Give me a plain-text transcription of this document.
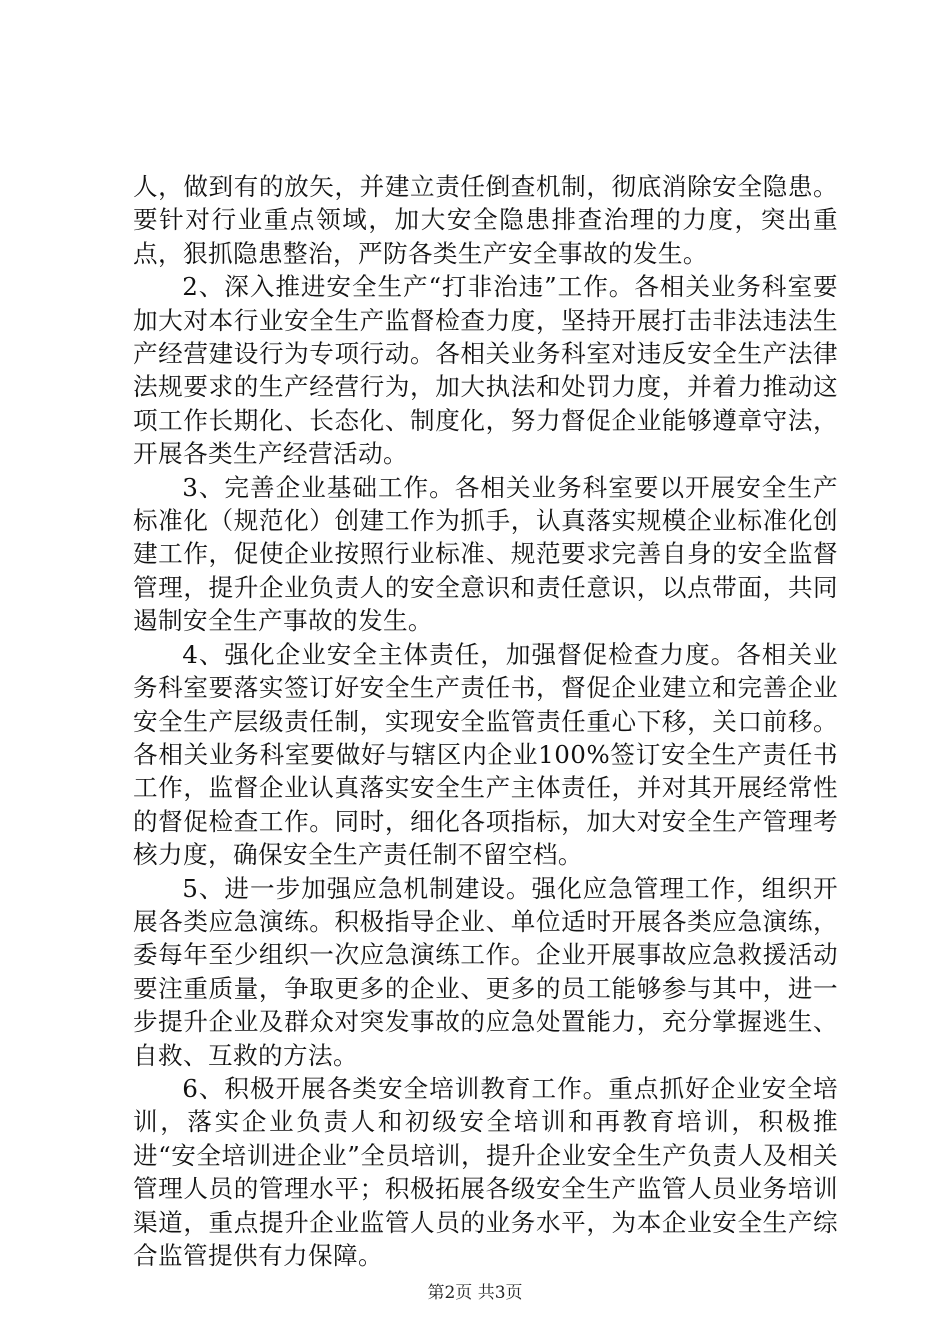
人，做到有的放矢，并建立责任倒查机制，彻底消除安全隐患。要针对行业重点领域，加大安全隐患排查治理的力度，突出重点，狠抓隐患整治，严防各类生产安全事故的发生。

2、深入推进安全生产“打非治违”工作。各相关业务科室要加大对本行业安全生产监督检查力度，坚持开展打击非法违法生产经营建设行为专项行动。各相关业务科室对违反安全生产法律法规要求的生产经营行为，加大执法和处罚力度，并着力推动这项工作长期化、长态化、制度化，努力督促企业能够遵章守法，开展各类生产经营活动。

3、完善企业基础工作。各相关业务科室要以开展安全生产标准化（规范化）创建工作为抓手，认真落实规模企业标准化创建工作，促使企业按照行业标准、规范要求完善自身的安全监督管理，提升企业负责人的安全意识和责任意识，以点带面，共同遏制安全生产事故的发生。

4、强化企业安全主体责任，加强督促检查力度。各相关业务科室要落实签订好安全生产责任书，督促企业建立和完善企业安全生产层级责任制，实现安全监管责任重心下移，关口前移。各相关业务科室要做好与辖区内企业100%签订安全生产责任书工作，监督企业认真落实安全生产主体责任，并对其开展经常性的督促检查工作。同时，细化各项指标，加大对安全生产管理考核力度，确保安全生产责任制不留空档。

5、进一步加强应急机制建设。强化应急管理工作，组织开展各类应急演练。积极指导企业、单位适时开展各类应急演练，委每年至少组织一次应急演练工作。企业开展事故应急救援活动要注重质量，争取更多的企业、更多的员工能够参与其中，进一步提升企业及群众对突发事故的应急处置能力，充分掌握逃生、自救、互救的方法。

6、积极开展各类安全培训教育工作。重点抓好企业安全培训，落实企业负责人和初级安全培训和再教育培训，积极推进“安全培训进企业”全员培训，提升企业安全生产负责人及相关管理人员的管理水平；积极拓展各级安全生产监管人员业务培训渠道，重点提升企业监管人员的业务水平，为本企业安全生产综合监管提供有力保障。

第2页 共3页
